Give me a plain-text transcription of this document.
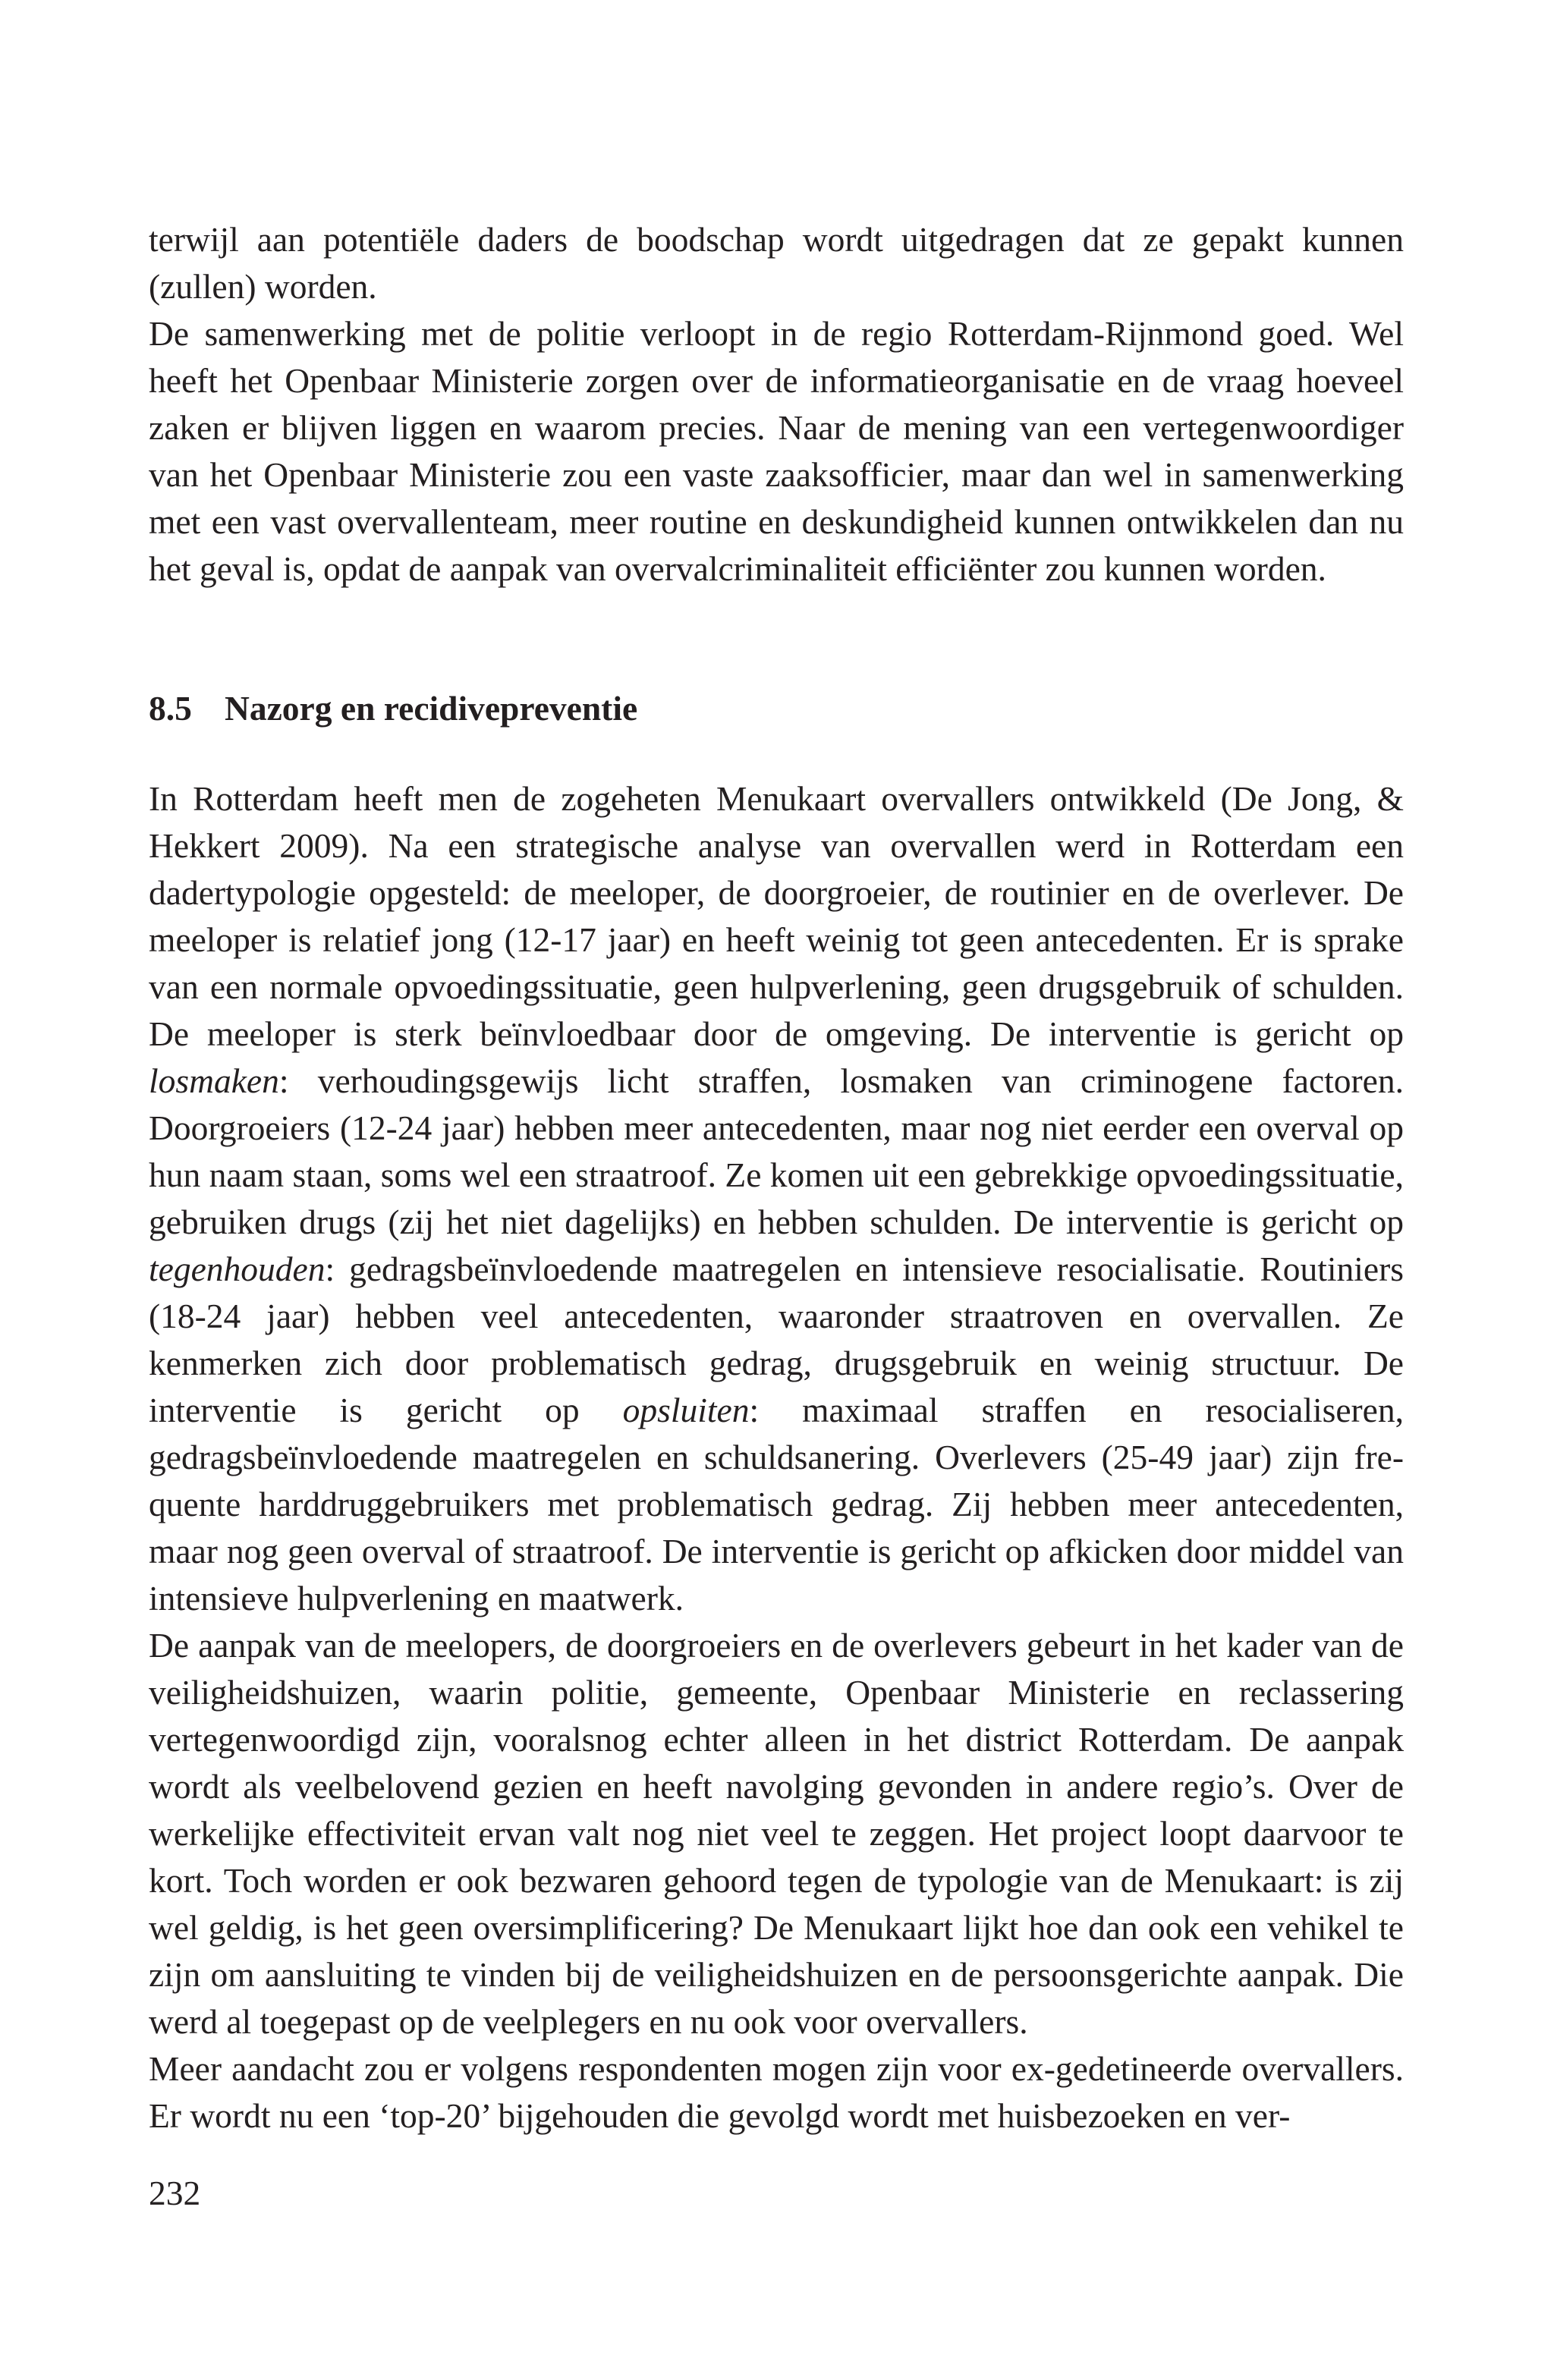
terwijl aan potentiële daders de boodschap wordt uitgedragen dat ze gepakt kunnen (zullen) worden.

De samenwerking met de politie verloopt in de regio Rotterdam-Rijnmond goed. Wel heeft het Openbaar Ministerie zorgen over de informatieorganisatie en de vraag hoeveel zaken er blijven liggen en waarom precies. Naar de mening van een vertegenwoordiger van het Openbaar Ministerie zou een vaste zaaksofficier, maar dan wel in samenwerking met een vast overvallenteam, meer routine en deskundigheid kunnen ontwikkelen dan nu het geval is, opdat de aanpak van overvalcriminaliteit efficiënter zou kunnen worden.

8.5 Nazorg en recidivepreventie

In Rotterdam heeft men de zogeheten Menukaart overvallers ontwikkeld (De Jong, & Hekkert 2009). Na een strategische analyse van overvallen werd in Rotterdam een dadertypologie opgesteld: de meeloper, de doorgroeier, de routinier en de overlever. De meeloper is relatief jong (12-17 jaar) en heeft weinig tot geen antecedenten. Er is sprake van een normale opvoedingssituatie, geen hulpverlening, geen drugsgebruik of schulden. De meeloper is sterk beïnvloedbaar door de omgeving. De interventie is gericht op losmaken: verhoudingsgewijs licht straffen, losmaken van criminogene factoren. Doorgroeiers (12-24 jaar) hebben meer antecedenten, maar nog niet eerder een overval op hun naam staan, soms wel een straatroof. Ze komen uit een gebrekkige opvoedingssituatie, gebruiken drugs (zij het niet dagelijks) en hebben schulden. De interventie is gericht op tegenhouden: gedragsbeïnvloedende maatregelen en intensieve resocialisatie. Routiniers (18-24 jaar) hebben veel antecedenten, waaronder straatroven en overvallen. Ze kenmerken zich door problematisch gedrag, drugsgebruik en weinig structuur. De interventie is gericht op opsluiten: maximaal straffen en resocialiseren, gedragsbeïnvloedende maatregelen en schuldsanering. Overlevers (25-49 jaar) zijn frequente harddruggebruikers met problematisch gedrag. Zij hebben meer antecedenten, maar nog geen overval of straatroof. De interventie is gericht op afkicken door middel van intensieve hulpverlening en maatwerk.

De aanpak van de meelopers, de doorgroeiers en de overlevers gebeurt in het kader van de veiligheidshuizen, waarin politie, gemeente, Openbaar Ministerie en reclassering vertegenwoordigd zijn, vooralsnog echter alleen in het district Rotterdam. De aanpak wordt als veelbelovend gezien en heeft navolging gevonden in andere regio’s. Over de werkelijke effectiviteit ervan valt nog niet veel te zeggen. Het project loopt daarvoor te kort. Toch worden er ook bezwaren gehoord tegen de typologie van de Menukaart: is zij wel geldig, is het geen oversimplificering? De Menukaart lijkt hoe dan ook een vehikel te zijn om aansluiting te vinden bij de veiligheidshuizen en de persoonsgerichte aanpak. Die werd al toegepast op de veelplegers en nu ook voor overvallers.

Meer aandacht zou er volgens respondenten mogen zijn voor ex-gedetineerde overvallers. Er wordt nu een ‘top-20’ bijgehouden die gevolgd wordt met huisbezoeken en ver-

232
